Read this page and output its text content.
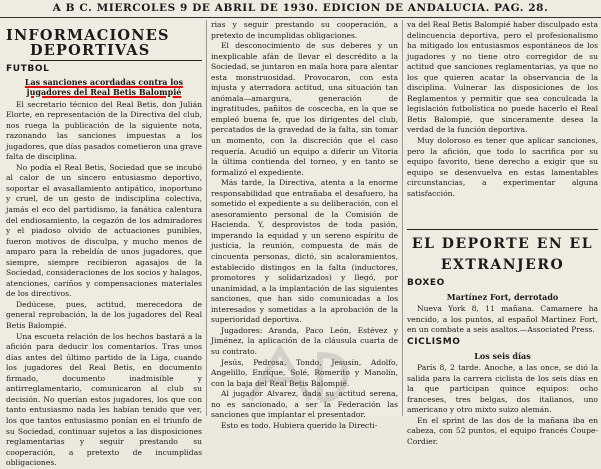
A B C. MIERCOLES 9 DE ABRIL DE 1930. EDICION DE ANDALUCIA. PAG. 28.
INFORMACIONES
DEPORTIVAS
FUTBOL
Las sanciones acordadas contra los jugadores del Real Betis Balompié

El secretario técnico del Real Betis, don Julián Elorte, en representación de la Directiva del club, nos ruega la publicación de la siguiente nota, razonando las sanciones impuestas a los jugadores, que días pasados cometieron una grave falta de disciplina.

No podía el Real Betis, Sociedad que se incubó al calor de un sincero entusiasmo deportivo, soportar el avasallamiento antipático, inoportuno y cruel, de un gesto de indisciplina colectiva, jamás el eco del partidismo, la fanática calentura del endiosamiento, la cegazón de los admiradores y el piadoso olvido de actuaciones punibles, fueron motivos de disculpa, y mucho menos de amparo para la rebeldía de unos jugadores, que siempre, siempre recibieron agasajos de la Sociedad, consideraciones de los socios y halagos, atenciones, cariños y compensaciones materiales de los directivos.

Dedúcese, pues, actitud, merecedora de general reprobación, la de los jugadores del Real Betis Balompié.

Una escueta relación de los hechos bastará a la afición para deducir los comentarios. Tras unos días antes del último partido de la Liga, cuando los jugadores del Real Betis, en documento firmado, documento inadmisible y antirreglamentario, comunicaron al club su decisión. No querían estos jugadores, los que con tanto entusiasmo nada les habían tenido que ver, los que tantos entusiasmo ponían en el triunfo de su Sociedad, continuar sujetos a las disposiciones reglamentarias y seguir prestando su cooperación, a pretexto de incumplidas obligaciones.

rias y seguir prestando su cooperación, a pretexto de incumplidas obligaciones.

El desconocimiento de sus deberes y un inexplicable afán de llevar el descrédito a la Sociedad, se juntaron en mala hora para alentar esta monstruosidad. Provocaron, con esta injusta y aterradora actitud, una situación tan anómala—amargura, generación de ingratitudes, pañitos de coscecha, en la que se empleó buena fe, que los dirigentes del club, percatados de la gravedad de la falta, sin tomar un momento, con la discreción que el caso requería. Acudió un equipo a diferir un Vitoria la última contienda del torneo, y en tanto se formalizó el expediente.

Más tarde, la Directiva, atenta a la enorme responsabilidad que entrañaba el desafuero, ha sometido el expediente a su deliberación, con el asesoramiento personal de la Comisión de Hacienda. Y, desprovistos de toda pasión, imperando la equidad y un sereno espíritu de justicia, la reunión, compuesta de más de cincuenta personas, dictó, sin acaloramientos, establecido distingos en la falta (inductores, promotores y solidarizados) y llegó, por unanimidad, a la implantación de las siguientes sanciones, que han sido comunicadas a los interesados y sometidas a la aprobación de la superioridad deportiva.

Jugadores: Aranda, Paco León, Estévez y Jiménez, la aplicación de la cláusula cuarta de su contrato.

Jesús, Pedrosa, Tondo, Jesusín, Adolfo, Angelillo, Enrique, Solé, Romerito y Manolín, con la baja del Real Betis Balompié.

Al jugador Alvarez, dada su actitud serena, no es sancionado, a ser la Federación las sanciones que implantar el presentador.

Esto es todo. Hubiera querido la Directi-

va del Real Betis Balompié haber disculpado esta delincuencia deportiva, pero el profesionalismo ha mitigado los entusiasmos espontáneos de los jugadores y no tiene otro corregidor de su actitud que sanciones reglamentarias, ya que no los que quieren acatar la observancia de la disciplina. Vulnerar las disposiciones de los Reglamentos y permitir que sea conculcada la legislación futbolística no puede hacerlo el Real Betis Balompié, que sinceramente desea la verdad de la función deportiva.

Muy doloroso es tener que aplicar sanciones, pero la afición, que todo lo sacrifica por su equipo favorito, tiene derecho a exigir que su equipo se desenvuelva en estas lamentables circunstancias, a experimentar alguna satisfacción.

EL DEPORTE EN EL
EXTRANJERO
BOXEO
Martínez Fort, derrotado

Nueva York 8, 11 mañana. Camamere ha vencido, a los puntos, al español Martínez Fort, en un combate a seis asaltos.—Associated Press.

CICLISMO
Los seis días

París 8, 2 tarde. Anoche, a las once, se dió la salida para la carrera ciclista de los seis días en la que participan quince equipos: ocho franceses, tres belgas, dos italianos, uno americano y otro mixto suizo alemán.

En el sprint de las dos de la mañana iba en cabeza, con 52 puntos, el equipo francés Coupe-Cordier.
